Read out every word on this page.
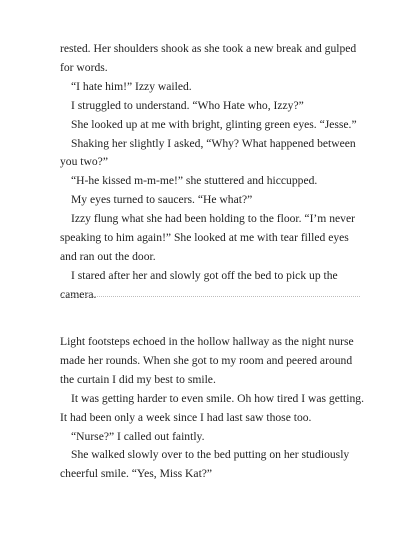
rested. Her shoulders shook as she took a new break and gulped for words.

“I hate him!” Izzy wailed.

I struggled to understand. “Who Hate who, Izzy?”

She looked up at me with bright, glinting green eyes. “Jesse.”

Shaking her slightly I asked, “Why? What happened between you two?”

“H-he kissed m-m-me!” she stuttered and hiccupped.

My eyes turned to saucers. “He what?”

Izzy flung what she had been holding to the floor. “I’m never speaking to him again!” She looked at me with tear filled eyes and ran out the door.

I stared after her and slowly got off the bed to pick up the camera.

Light footsteps echoed in the hollow hallway as the night nurse made her rounds. When she got to my room and peered around the curtain I did my best to smile.

It was getting harder to even smile. Oh how tired I was getting. It had been only a week since I had last saw those too.

“Nurse?” I called out faintly.

She walked slowly over to the bed putting on her studiously cheerful smile. “Yes, Miss Kat?”
